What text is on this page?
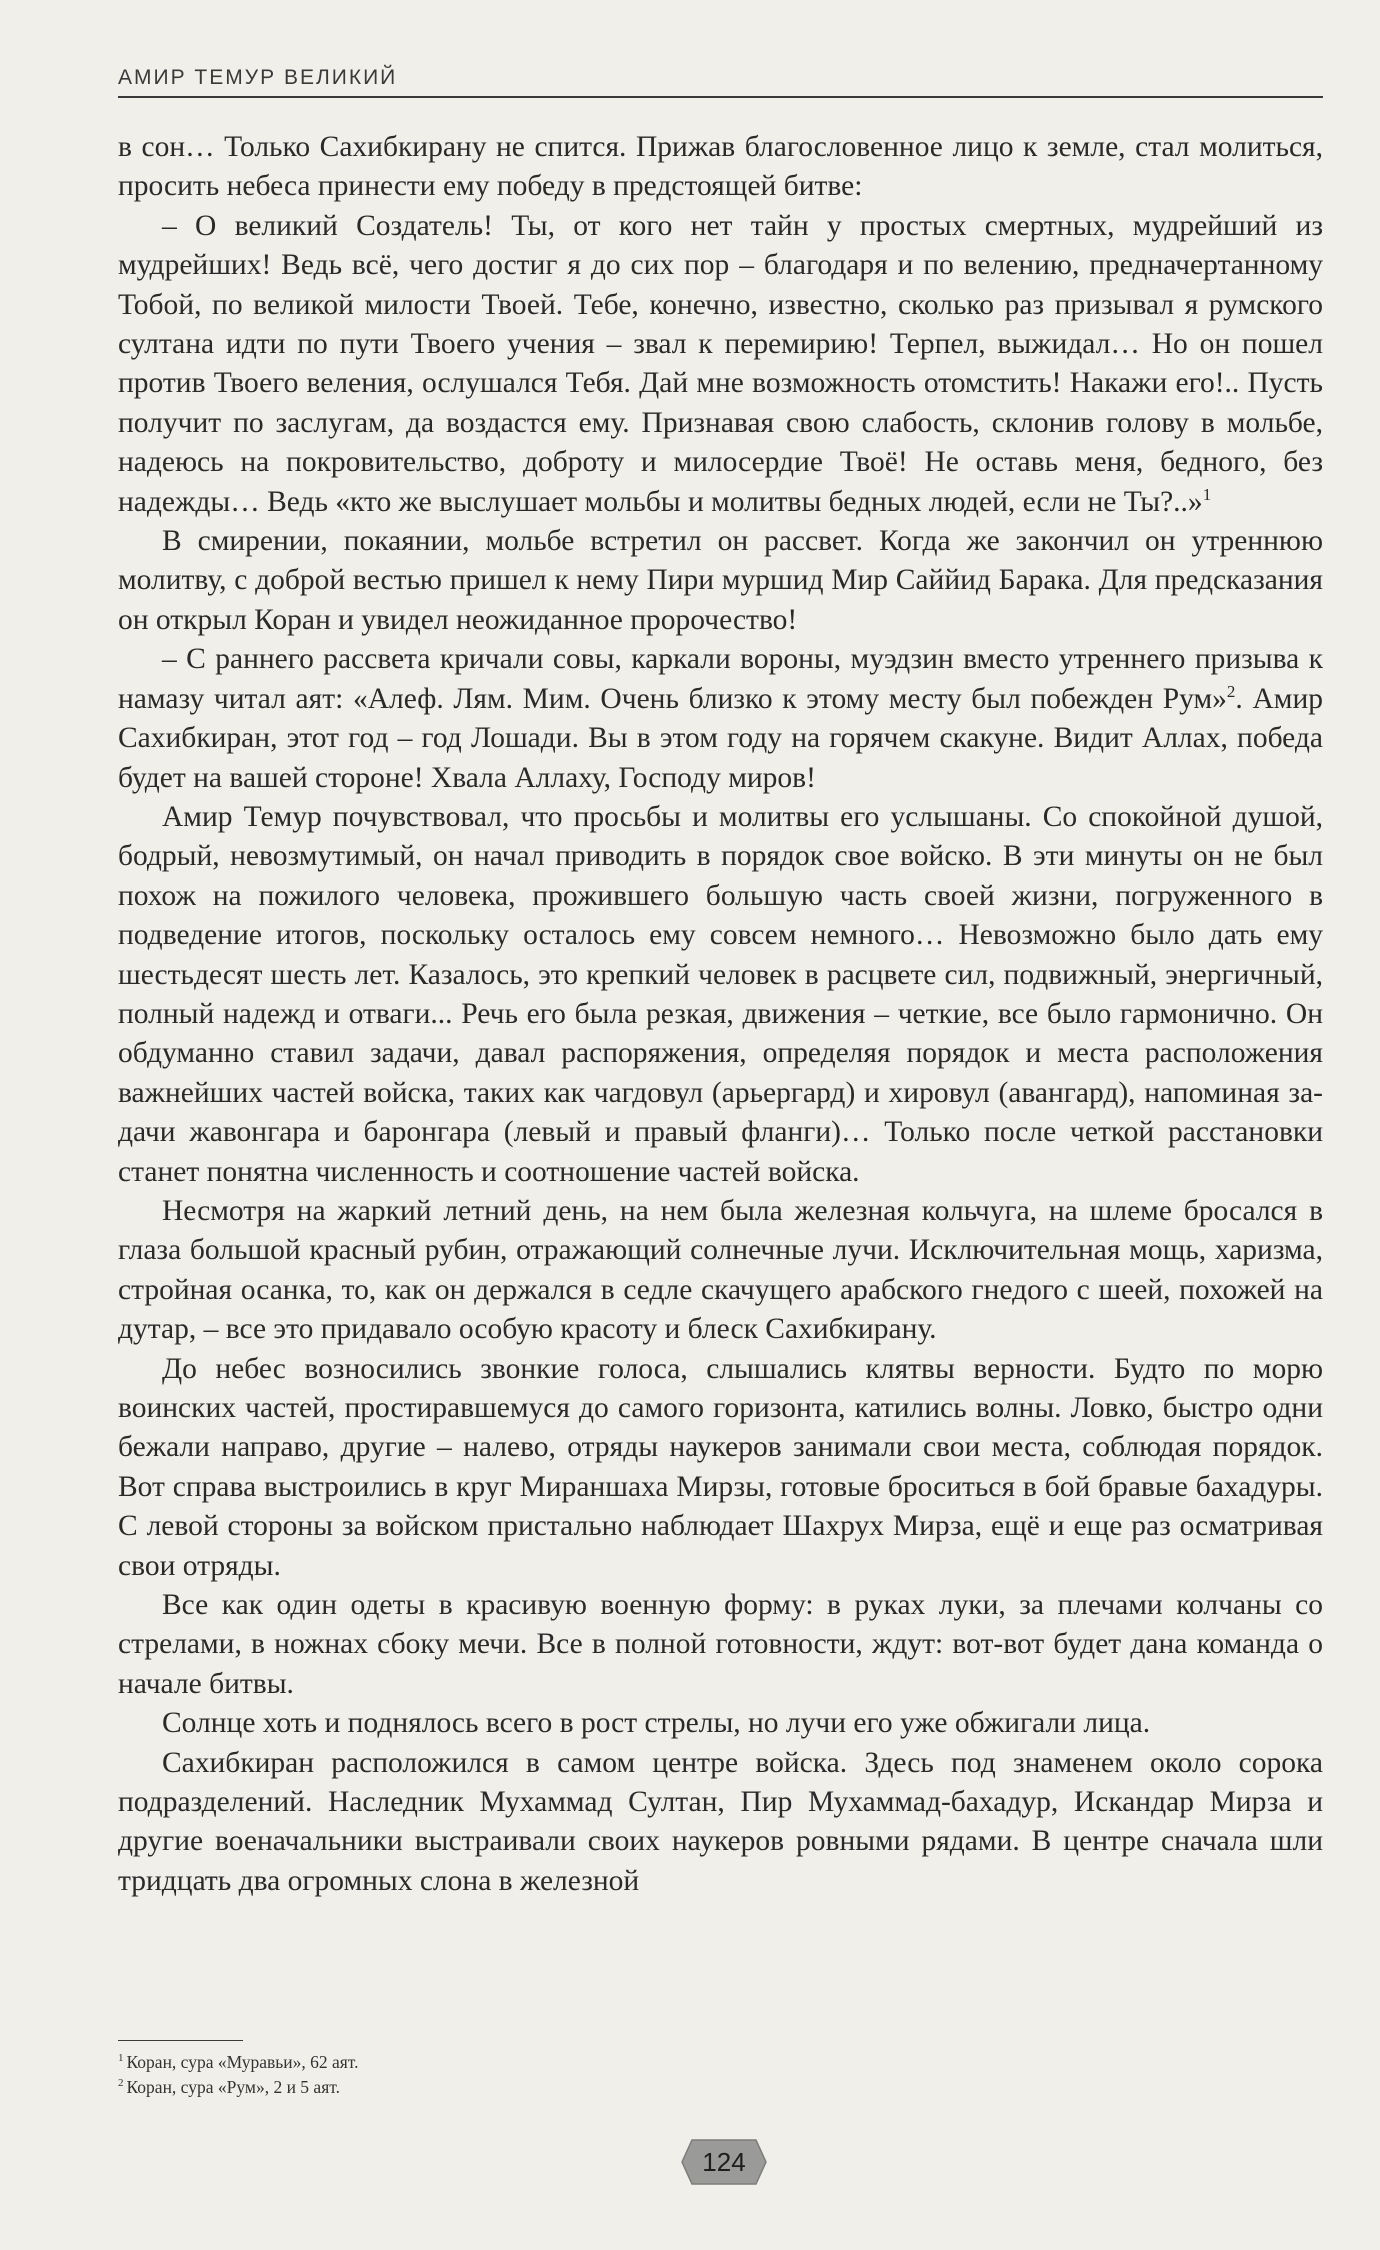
АМИР ТЕМУР ВЕЛИКИЙ

в сон… Только Сахибкирану не спится. Прижав благословенное лицо к земле, стал молиться, просить небеса принести ему победу в предстоящей битве:

– О великий Создатель! Ты, от кого нет тайн у простых смертных, мудрейший из мудрейших! Ведь всё, чего достиг я до сих пор – благодаря и по велению, предначертанному Тобой, по великой милости Твоей. Тебе, конечно, известно, сколько раз призывал я румского султана идти по пути Твоего учения – звал к перемирию! Терпел, выжидал… Но он пошел против Твоего веления, ослушался Тебя. Дай мне возможность отомстить! Накажи его!.. Пусть получит по заслугам, да воздастся ему. Признавая свою слабость, склонив голову в мольбе, надеюсь на покровительство, доброту и милосердие Твоё! Не оставь меня, бедного, без надежды… Ведь «кто же выслушает мольбы и молитвы бедных людей, если не Ты?..»$^1$

В смирении, покаянии, мольбе встретил он рассвет. Когда же закончил он утреннюю молитву, с доброй вестью пришел к нему Пири муршид Мир Саййид Барака. Для предсказания он открыл Коран и увидел неожиданное пророчество!

– С раннего рассвета кричали совы, каркали вороны, муэдзин вместо утреннего призыва к намазу читал аят: «Алеф. Лям. Мим. Очень близко к этому месту был побежден Рум»$^2$. Амир Сахибкиран, этот год – год Лошади. Вы в этом году на горячем скакуне. Видит Аллах, победа будет на вашей стороне! Хвала Аллаху, Господу миров!

Амир Темур почувствовал, что просьбы и молитвы его услышаны. Со спокойной душой, бодрый, невозмутимый, он начал приводить в порядок свое войско. В эти минуты он не был похож на пожилого человека, прожившего большую часть своей жизни, погруженного в подведение итогов, поскольку осталось ему совсем немного… Невозможно было дать ему шестьдесят шесть лет. Казалось, это крепкий человек в расцвете сил, подвижный, энергичный, полный надежд и отваги... Речь его была резкая, движения – четкие, все было гармонично. Он обдуманно ставил задачи, давал распоряжения, определяя порядок и места расположения важнейших частей войска, таких как чагдовул (арьергард) и хировул (авангард), напоминая задачи жавонгара и баронгара (левый и правый фланги)… Только после четкой расстановки станет понятна численность и соотношение частей войска.

Несмотря на жаркий летний день, на нем была железная кольчуга, на шлеме бросался в глаза большой красный рубин, отражающий солнечные лучи. Исключительная мощь, харизма, стройная осанка, то, как он держался в седле скачущего арабского гнедого с шеей, похожей на дутар, – все это придавало особую красоту и блеск Сахибкирану.

До небес возносились звонкие голоса, слышались клятвы верности. Будто по морю воинских частей, простиравшемуся до самого горизонта, катились волны. Ловко, быстро одни бежали направо, другие – налево, отряды наукеров занимали свои места, соблюдая порядок. Вот справа выстроились в круг Мираншаха Мирзы, готовые броситься в бой бравые бахадуры. С левой стороны за войском пристально наблюдает Шахрух Мирза, ещё и еще раз осматривая свои отряды.

Все как один одеты в красивую военную форму: в руках луки, за плечами колчаны со стрелами, в ножнах сбоку мечи. Все в полной готовности, ждут: вот-вот будет дана команда о начале битвы.

Солнце хоть и поднялось всего в рост стрелы, но лучи его уже обжигали лица.

Сахибкиран расположился в самом центре войска. Здесь под знаменем около сорока подразделений. Наследник Мухаммад Султан, Пир Мухаммад-бахадур, Искандар Мирза и другие военачальники выстраивали своих наукеров ровными рядами. В центре сначала шли тридцать два огромных слона в железной

$^1$ Коран, сура «Муравьи», 62 аят.
$^2$ Коран, сура «Рум», 2 и 5 аят.
124
